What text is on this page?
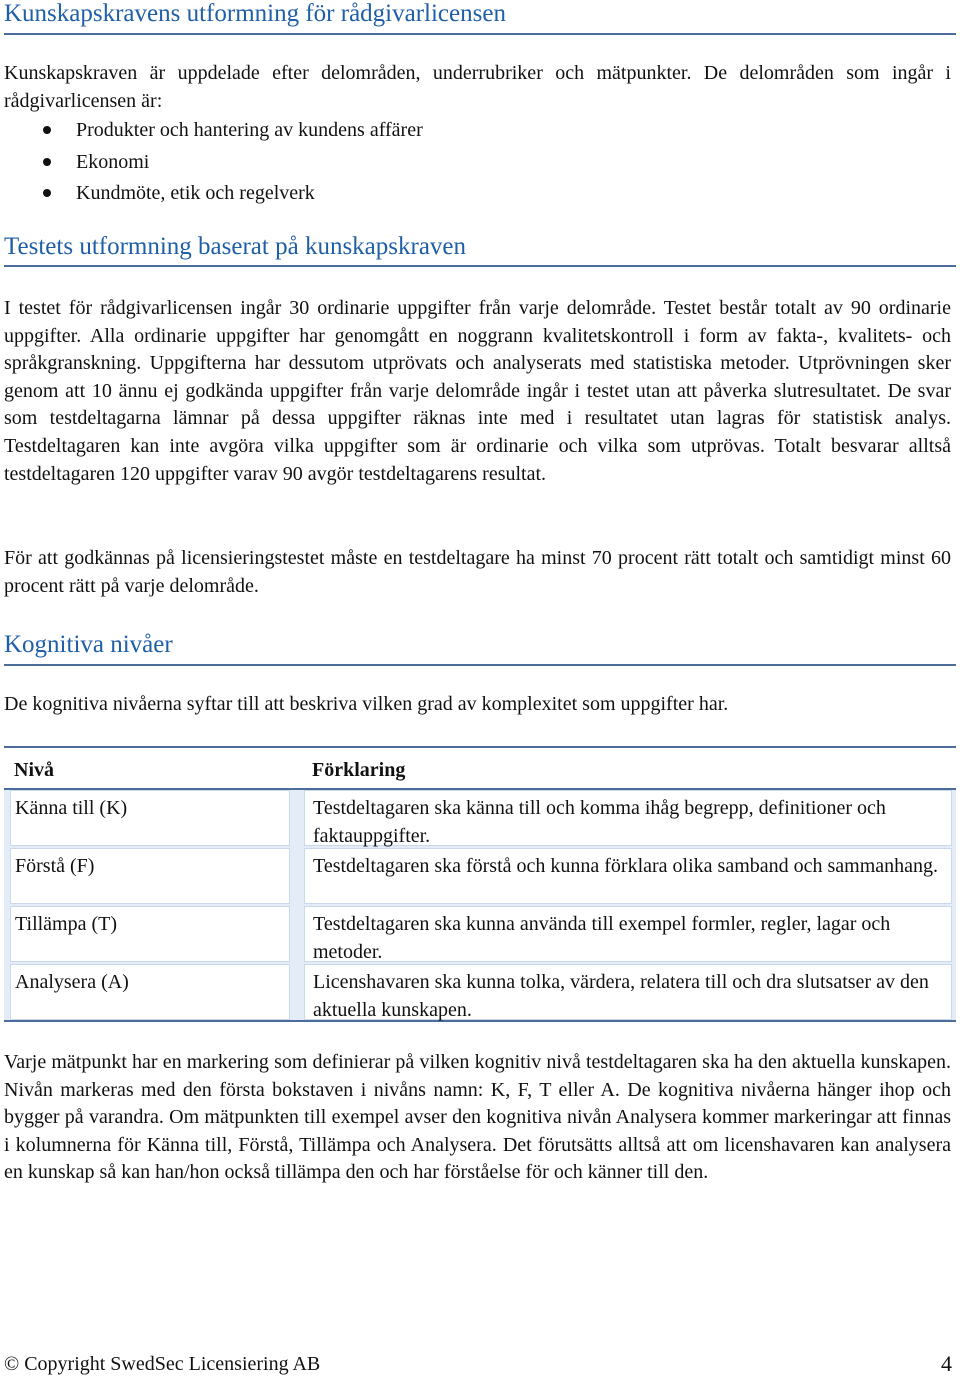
Kunskapskravens utformning för rådgivarlicensen

Kunskapskraven är uppdelade efter delområden, underrubriker och mätpunkter. De delområden som ingår i rådgivarlicensen är:

Produkter och hantering av kundens affärer
Ekonomi
Kundmöte, etik och regelverk
Testets utformning baserat på kunskapskraven

I testet för rådgivarlicensen ingår 30 ordinarie uppgifter från varje delområde. Testet består totalt av 90 ordinarie uppgifter. Alla ordinarie uppgifter har genomgått en noggrann kvalitetskontroll i form av fakta-, kvalitets- och språkgranskning. Uppgifterna har dessutom utprövats och analyserats med statistiska metoder. Utprövningen sker genom att 10 ännu ej godkända uppgifter från varje delområde ingår i testet utan att påverka slutresultatet. De svar som testdeltagarna lämnar på dessa uppgifter räknas inte med i resultatet utan lagras för statistisk analys. Testdeltagaren kan inte avgöra vilka uppgifter som är ordinarie och vilka som utprövas. Totalt besvarar alltså testdeltagaren 120 uppgifter varav 90 avgör testdeltagarens resultat.

För att godkännas på licensieringstestet måste en testdeltagare ha minst 70 procent rätt totalt och samtidigt minst 60 procent rätt på varje delområde.

Kognitiva nivåer

De kognitiva nivåerna syftar till att beskriva vilken grad av komplexitet som uppgifter har.

Nivå	Förklaring
Känna till (K)	Testdeltagaren ska känna till och komma ihåg begrepp, definitioner och faktauppgifter.
Förstå (F)	Testdeltagaren ska förstå och kunna förklara olika samband och sammanhang.
Tillämpa (T)	Testdeltagaren ska kunna använda till exempel formler, regler, lagar och metoder.
Analysera (A)	Licenshavaren ska kunna tolka, värdera, relatera till och dra slutsatser av den aktuella kunskapen.

Varje mätpunkt har en markering som definierar på vilken kognitiv nivå testdeltagaren ska ha den aktuella kunskapen. Nivån markeras med den första bokstaven i nivåns namn: K, F, T eller A. De kognitiva nivåerna hänger ihop och bygger på varandra. Om mätpunkten till exempel avser den kognitiva nivån Analysera kommer markeringar att finnas i kolumnerna för Känna till, Förstå, Tillämpa och Analysera. Det förutsätts alltså att om licenshavaren kan analysera en kunskap så kan han/hon också tillämpa den och har förståelse för och känner till den.

© Copyright SwedSec Licensiering AB	4
